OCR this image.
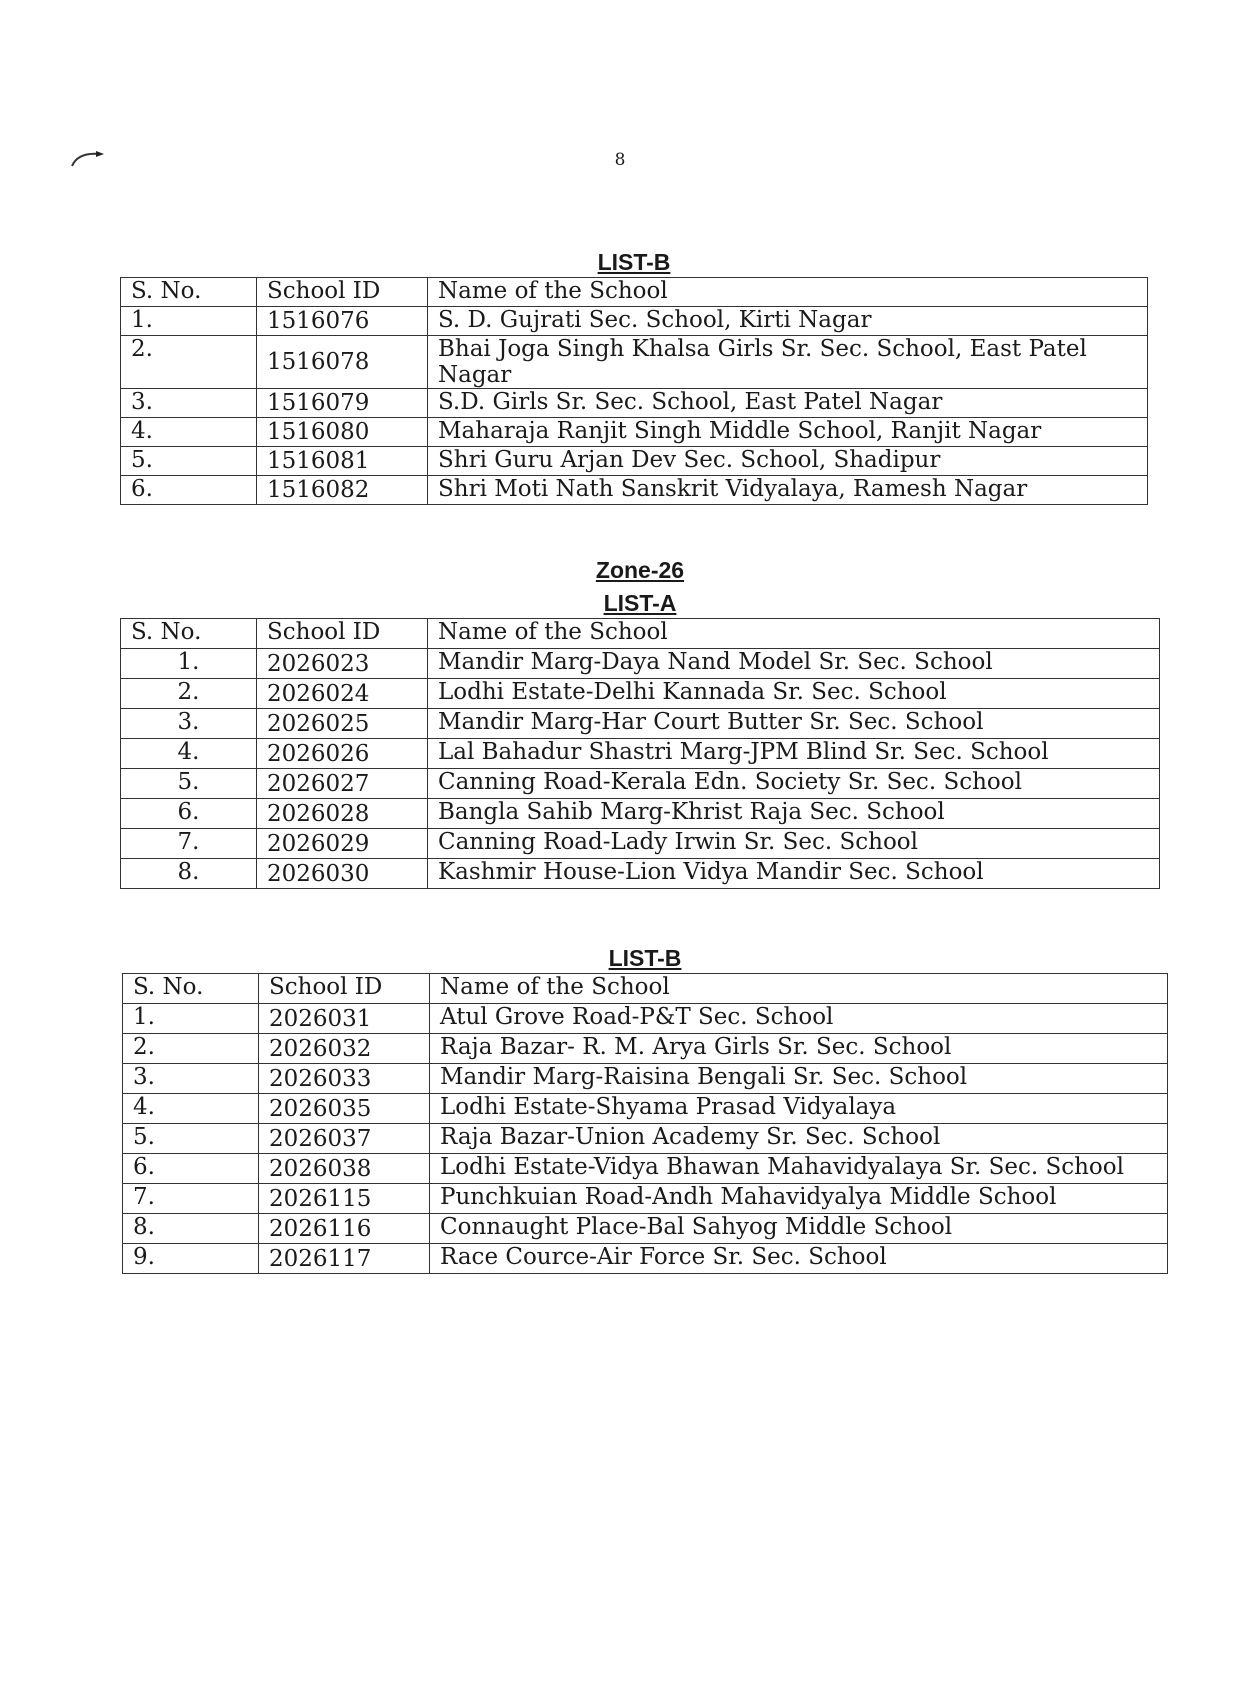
8
LIST-B
S. No.	School ID	Name of the School
1.	1516076	S. D. Gujrati Sec. School, Kirti Nagar
2.	1516078	Bhai Joga Singh Khalsa Girls Sr. Sec. School, East Patel Nagar
3.	1516079	S.D. Girls Sr. Sec. School, East Patel Nagar
4.	1516080	Maharaja Ranjit Singh Middle School, Ranjit Nagar
5.	1516081	Shri Guru Arjan Dev Sec. School, Shadipur
6.	1516082	Shri Moti Nath Sanskrit Vidyalaya, Ramesh Nagar
Zone-26
LIST-A
S. No.	School ID	Name of the School
1.	2026023	Mandir Marg-Daya Nand Model Sr. Sec. School
2.	2026024	Lodhi Estate-Delhi Kannada Sr. Sec. School
3.	2026025	Mandir Marg-Har Court Butter Sr. Sec. School
4.	2026026	Lal Bahadur Shastri Marg-JPM Blind Sr. Sec. School
5.	2026027	Canning Road-Kerala Edn. Society Sr. Sec. School
6.	2026028	Bangla Sahib Marg-Khrist Raja Sec. School
7.	2026029	Canning Road-Lady Irwin Sr. Sec. School
8.	2026030	Kashmir House-Lion Vidya Mandir Sec. School
LIST-B
S. No.	School ID	Name of the School
1.	2026031	Atul Grove Road-P&T Sec. School
2.	2026032	Raja Bazar- R. M. Arya Girls Sr. Sec. School
3.	2026033	Mandir Marg-Raisina Bengali Sr. Sec. School
4.	2026035	Lodhi Estate-Shyama Prasad Vidyalaya
5.	2026037	Raja Bazar-Union Academy Sr. Sec. School
6.	2026038	Lodhi Estate-Vidya Bhawan Mahavidyalaya Sr. Sec. School
7.	2026115	Punchkuian Road-Andh Mahavidyalya Middle School
8.	2026116	Connaught Place-Bal Sahyog Middle School
9.	2026117	Race Cource-Air Force Sr. Sec. School
